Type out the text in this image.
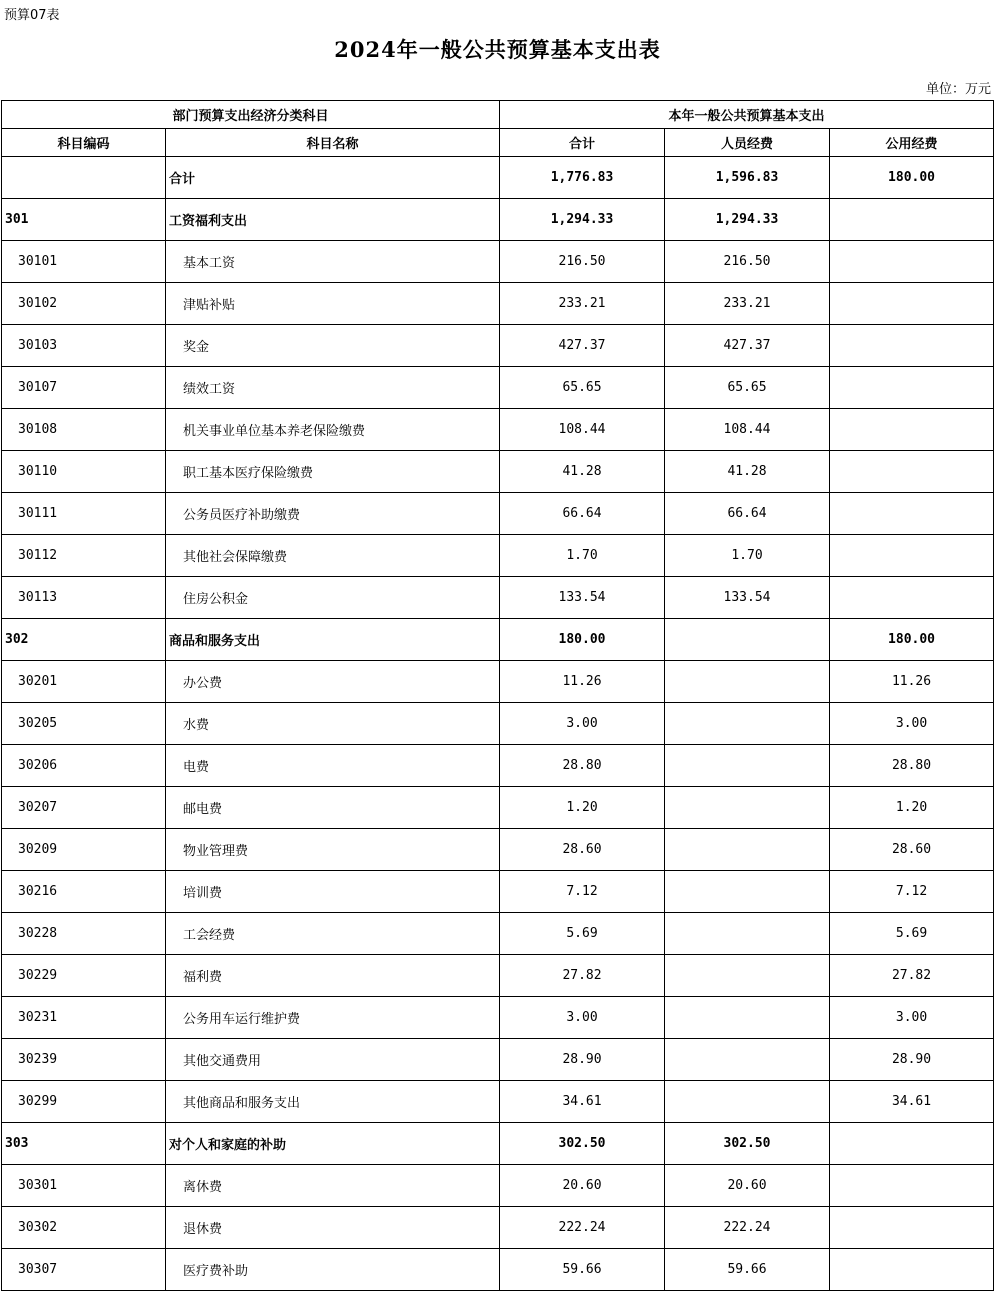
预算07表
2024年一般公共预算基本支出表
单位：万元
部门预算支出经济分类科目		本年一般公共预算基本支出		
科目编码	科目名称	合计	人员经费	公用经费
	合计	1,776.83	1,596.83	180.00
301	工资福利支出	1,294.33	1,294.33	
30101	基本工资	216.50	216.50	
30102	津贴补贴	233.21	233.21	
30103	奖金	427.37	427.37	
30107	绩效工资	65.65	65.65	
30108	机关事业单位基本养老保险缴费	108.44	108.44	
30110	职工基本医疗保险缴费	41.28	41.28	
30111	公务员医疗补助缴费	66.64	66.64	
30112	其他社会保障缴费	1.70	1.70	
30113	住房公积金	133.54	133.54	
302	商品和服务支出	180.00		180.00
30201	办公费	11.26		11.26
30205	水费	3.00		3.00
30206	电费	28.80		28.80
30207	邮电费	1.20		1.20
30209	物业管理费	28.60		28.60
30216	培训费	7.12		7.12
30228	工会经费	5.69		5.69
30229	福利费	27.82		27.82
30231	公务用车运行维护费	3.00		3.00
30239	其他交通费用	28.90		28.90
30299	其他商品和服务支出	34.61		34.61
303	对个人和家庭的补助	302.50	302.50	
30301	离休费	20.60	20.60	
30302	退休费	222.24	222.24	
30307	医疗费补助	59.66	59.66	
